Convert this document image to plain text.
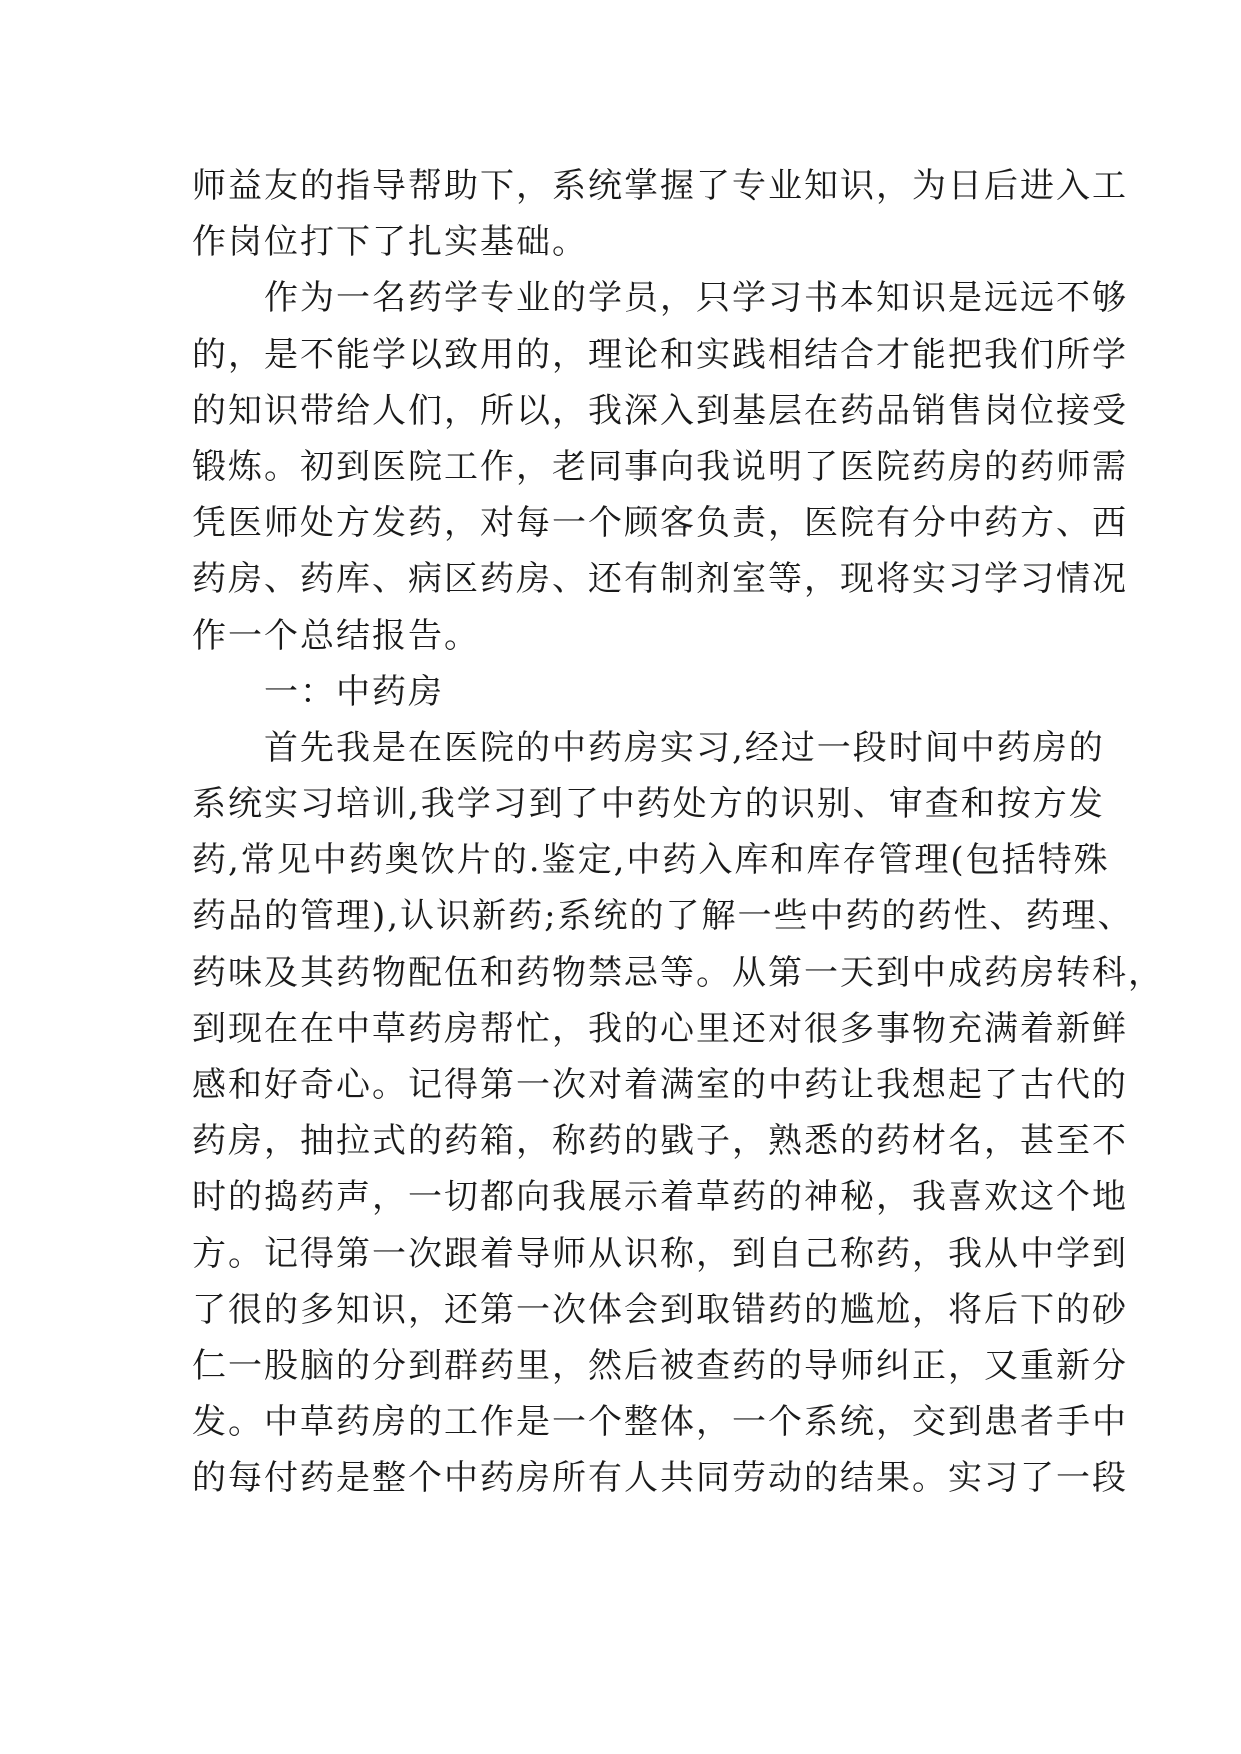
师益友的指导帮助下，系统掌握了专业知识，为日后进入工
作岗位打下了扎实基础。
　　作为一名药学专业的学员，只学习书本知识是远远不够
的，是不能学以致用的，理论和实践相结合才能把我们所学
的知识带给人们，所以，我深入到基层在药品销售岗位接受
锻炼。初到医院工作，老同事向我说明了医院药房的药师需
凭医师处方发药，对每一个顾客负责，医院有分中药方、西
药房、药库、病区药房、还有制剂室等，现将实习学习情况
作一个总结报告。
　　一：中药房
　　首先我是在医院的中药房实习,经过一段时间中药房的
系统实习培训,我学习到了中药处方的识别、审查和按方发
药,常见中药奥饮片的.鉴定,中药入库和库存管理(包括特殊
药品的管理),认识新药;系统的了解一些中药的药性、药理、
药味及其药物配伍和药物禁忌等。从第一天到中成药房转科，
到现在在中草药房帮忙，我的心里还对很多事物充满着新鲜
感和好奇心。记得第一次对着满室的中药让我想起了古代的
药房，抽拉式的药箱，称药的戥子，熟悉的药材名，甚至不
时的捣药声，一切都向我展示着草药的神秘，我喜欢这个地
方。记得第一次跟着导师从识称，到自己称药，我从中学到
了很的多知识，还第一次体会到取错药的尴尬，将后下的砂
仁一股脑的分到群药里，然后被查药的导师纠正，又重新分
发。中草药房的工作是一个整体，一个系统，交到患者手中
的每付药是整个中药房所有人共同劳动的结果。实习了一段
